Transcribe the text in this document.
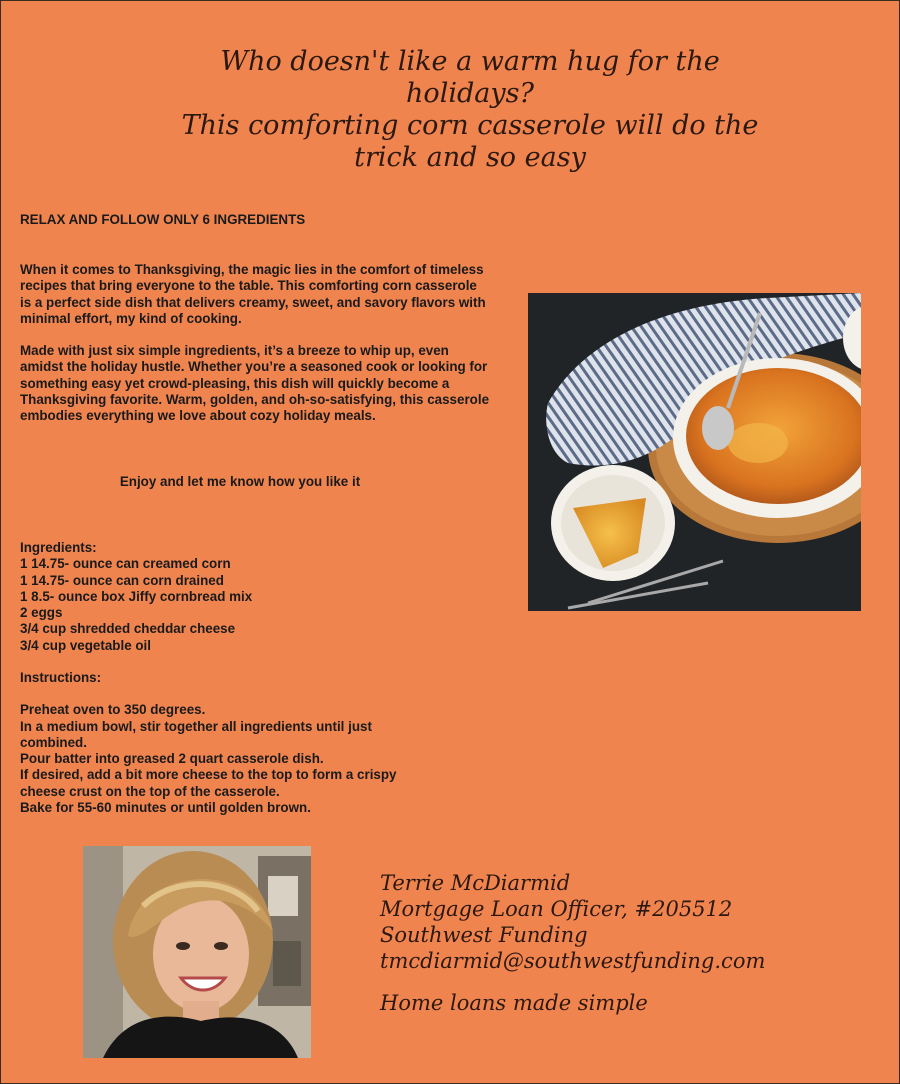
Who doesn't like a warm hug for the
holidays?
This comforting corn casserole will do the
trick and so easy
RELAX AND FOLLOW ONLY 6 INGREDIENTS

When it comes to Thanksgiving, the magic lies in the comfort of timeless recipes that bring everyone to the table. This comforting corn casserole is a perfect side dish that delivers creamy, sweet, and savory flavors with minimal effort, my kind of cooking.

Made with just six simple ingredients, it’s a breeze to whip up, even amidst the holiday hustle. Whether you’re a seasoned cook or looking for something easy yet crowd-pleasing, this dish will quickly become a Thanksgiving favorite. Warm, golden, and oh-so-satisfying, this casserole embodies everything we love about cozy holiday meals.

Enjoy and let me know how you like it
Ingredients:
1 14.75- ounce can creamed corn
1 14.75- ounce can corn drained
1 8.5- ounce box Jiffy cornbread mix
2 eggs
3/4 cup shredded cheddar cheese
3/4 cup vegetable oil
Instructions:
Preheat oven to 350 degrees.
In a medium bowl, stir together all ingredients until just
combined.
Pour batter into greased 2 quart casserole dish.
If desired, add a bit more cheese to the top to form a crispy
cheese crust on the top of the casserole.
Bake for 55-60 minutes or until golden brown.
Terrie McDiarmid
Mortgage Loan Officer, #205512
Southwest Funding
tmcdiarmid@southwestfunding.com
Home loans made simple
